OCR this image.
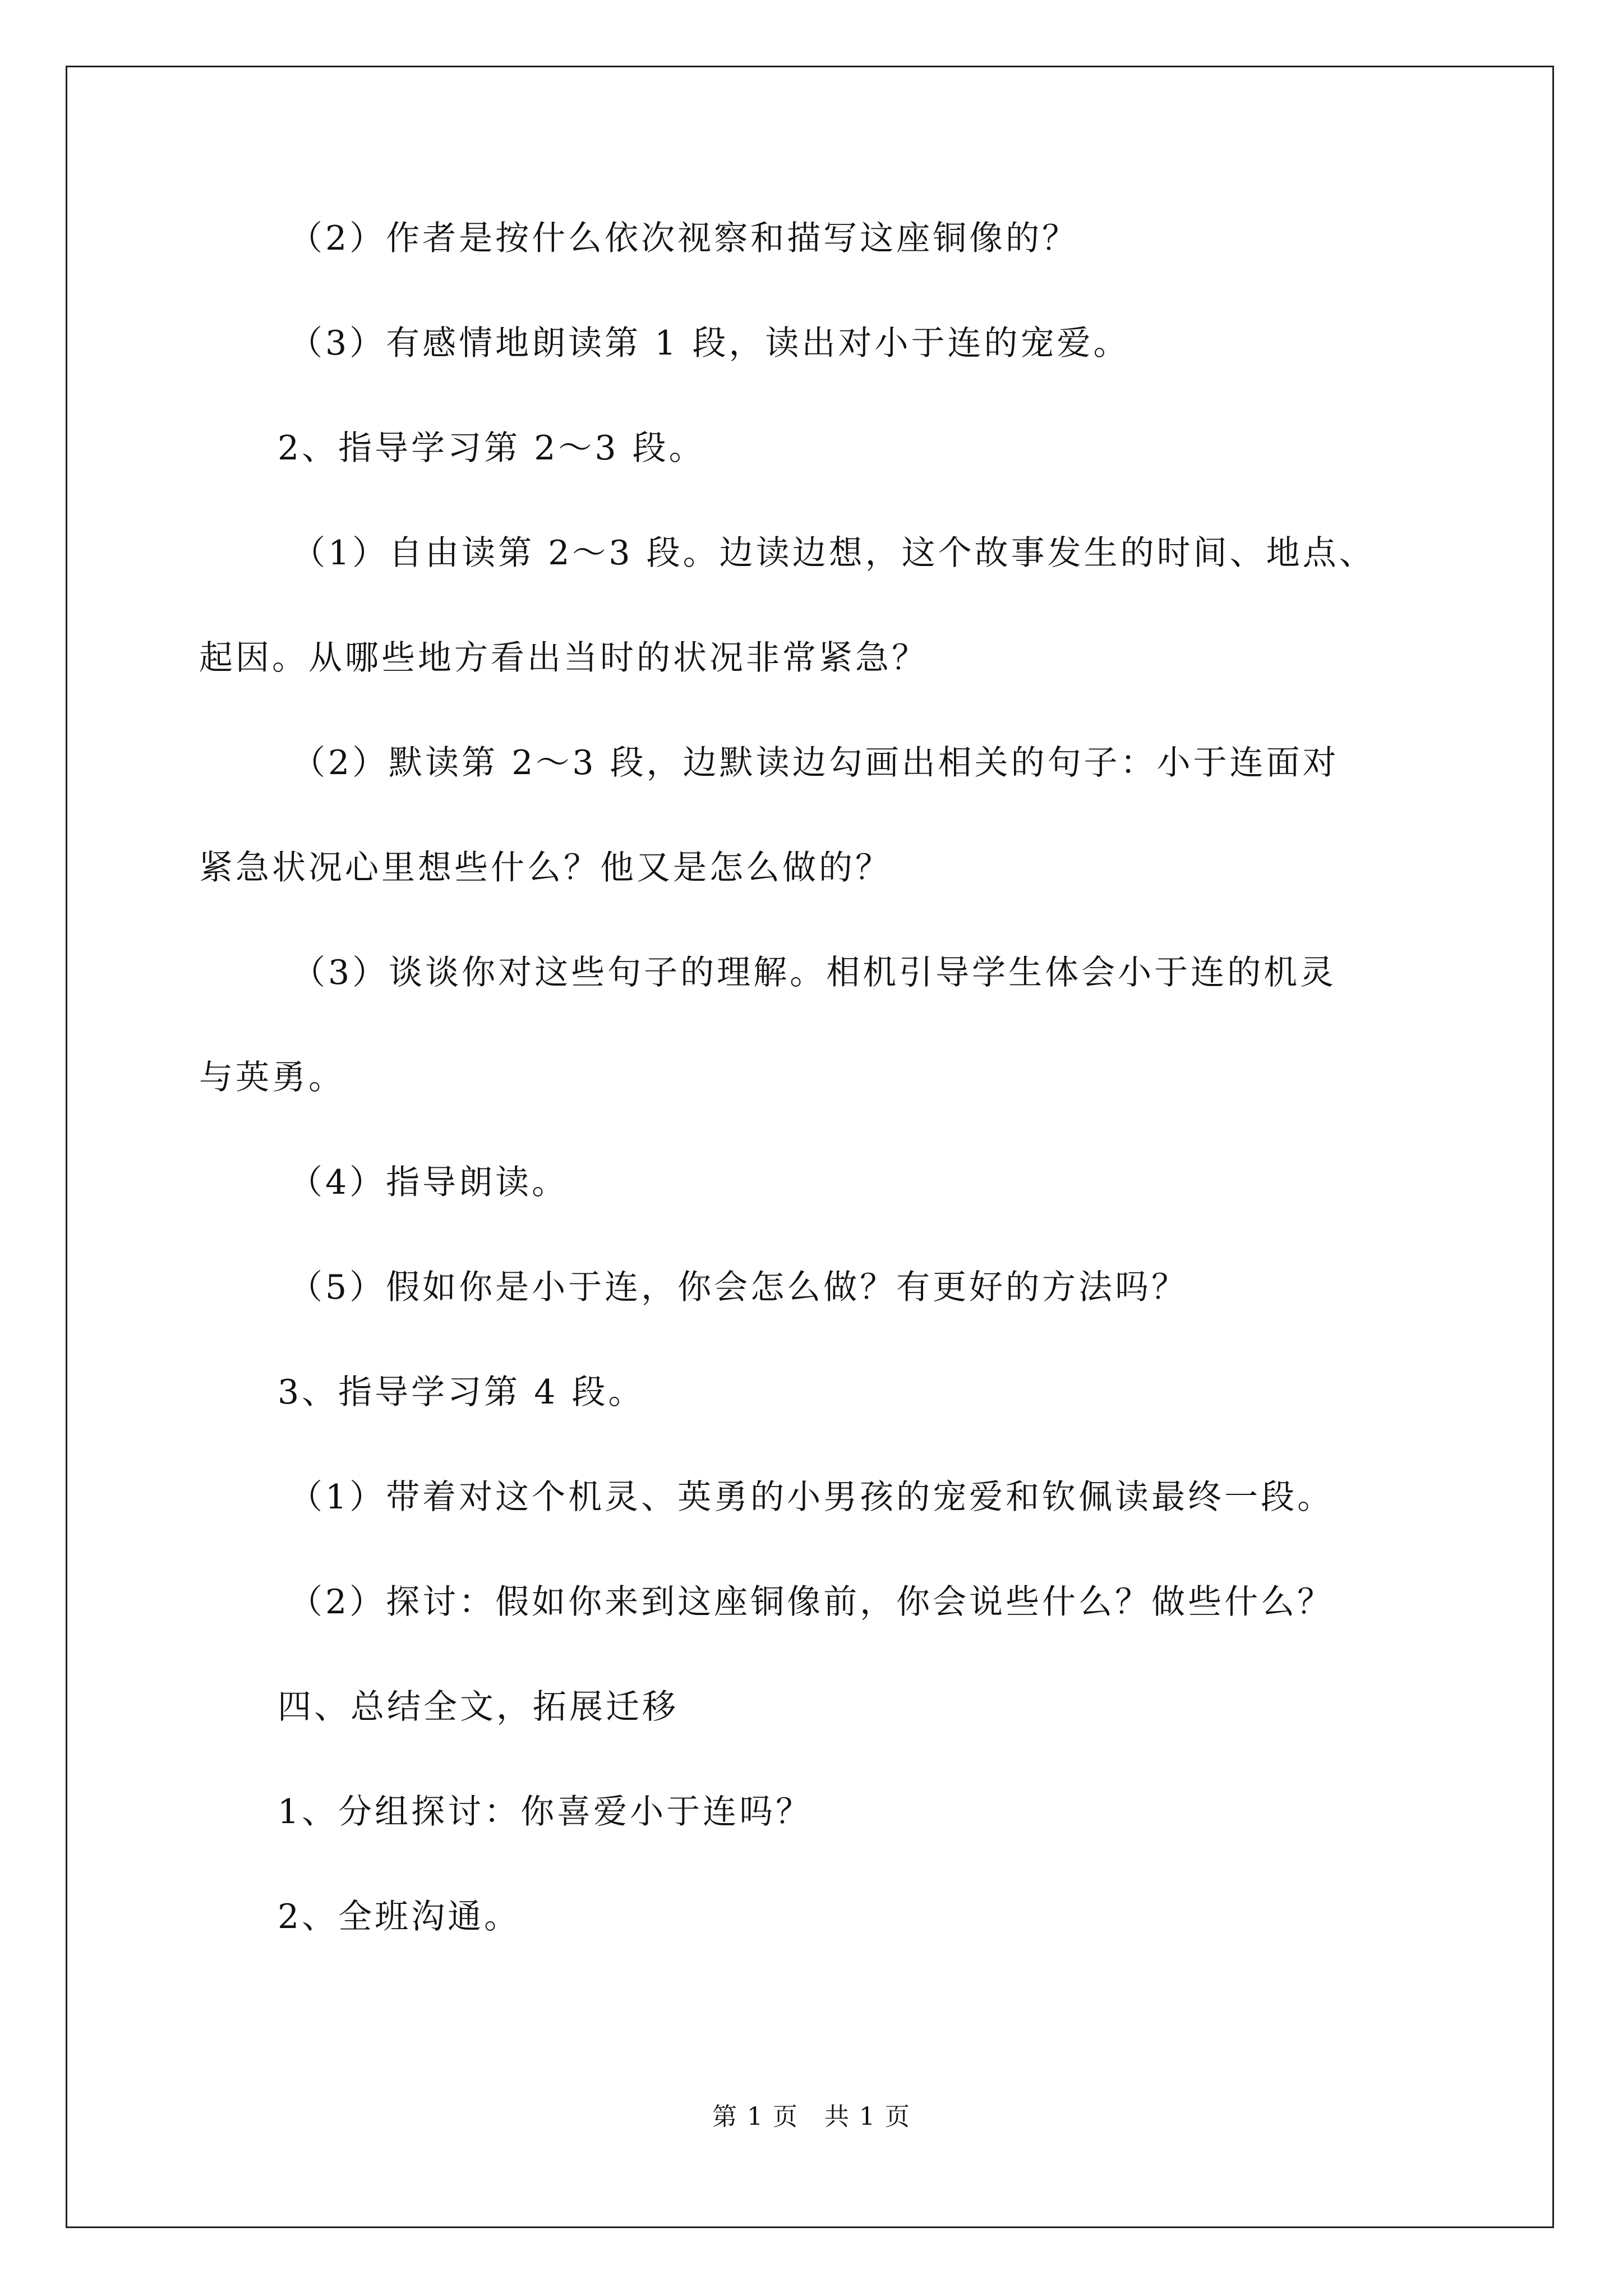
（2）作者是按什么依次视察和描写这座铜像的？
（3）有感情地朗读第 1 段，读出对小于连的宠爱。
2、指导学习第 2～3 段。
（1）自由读第 2～3 段。边读边想，这个故事发生的时间、地点、
起因。从哪些地方看出当时的状况非常紧急？
（2）默读第 2～3 段，边默读边勾画出相关的句子：小于连面对
紧急状况心里想些什么？他又是怎么做的？
（3）谈谈你对这些句子的理解。相机引导学生体会小于连的机灵
与英勇。
（4）指导朗读。
（5）假如你是小于连，你会怎么做？有更好的方法吗？
3、指导学习第 4 段。
（1）带着对这个机灵、英勇的小男孩的宠爱和钦佩读最终一段。
（2）探讨：假如你来到这座铜像前，你会说些什么？做些什么？
四、总结全文，拓展迁移
1、分组探讨：你喜爱小于连吗？
2、全班沟通。
第 1 页　共 1 页
